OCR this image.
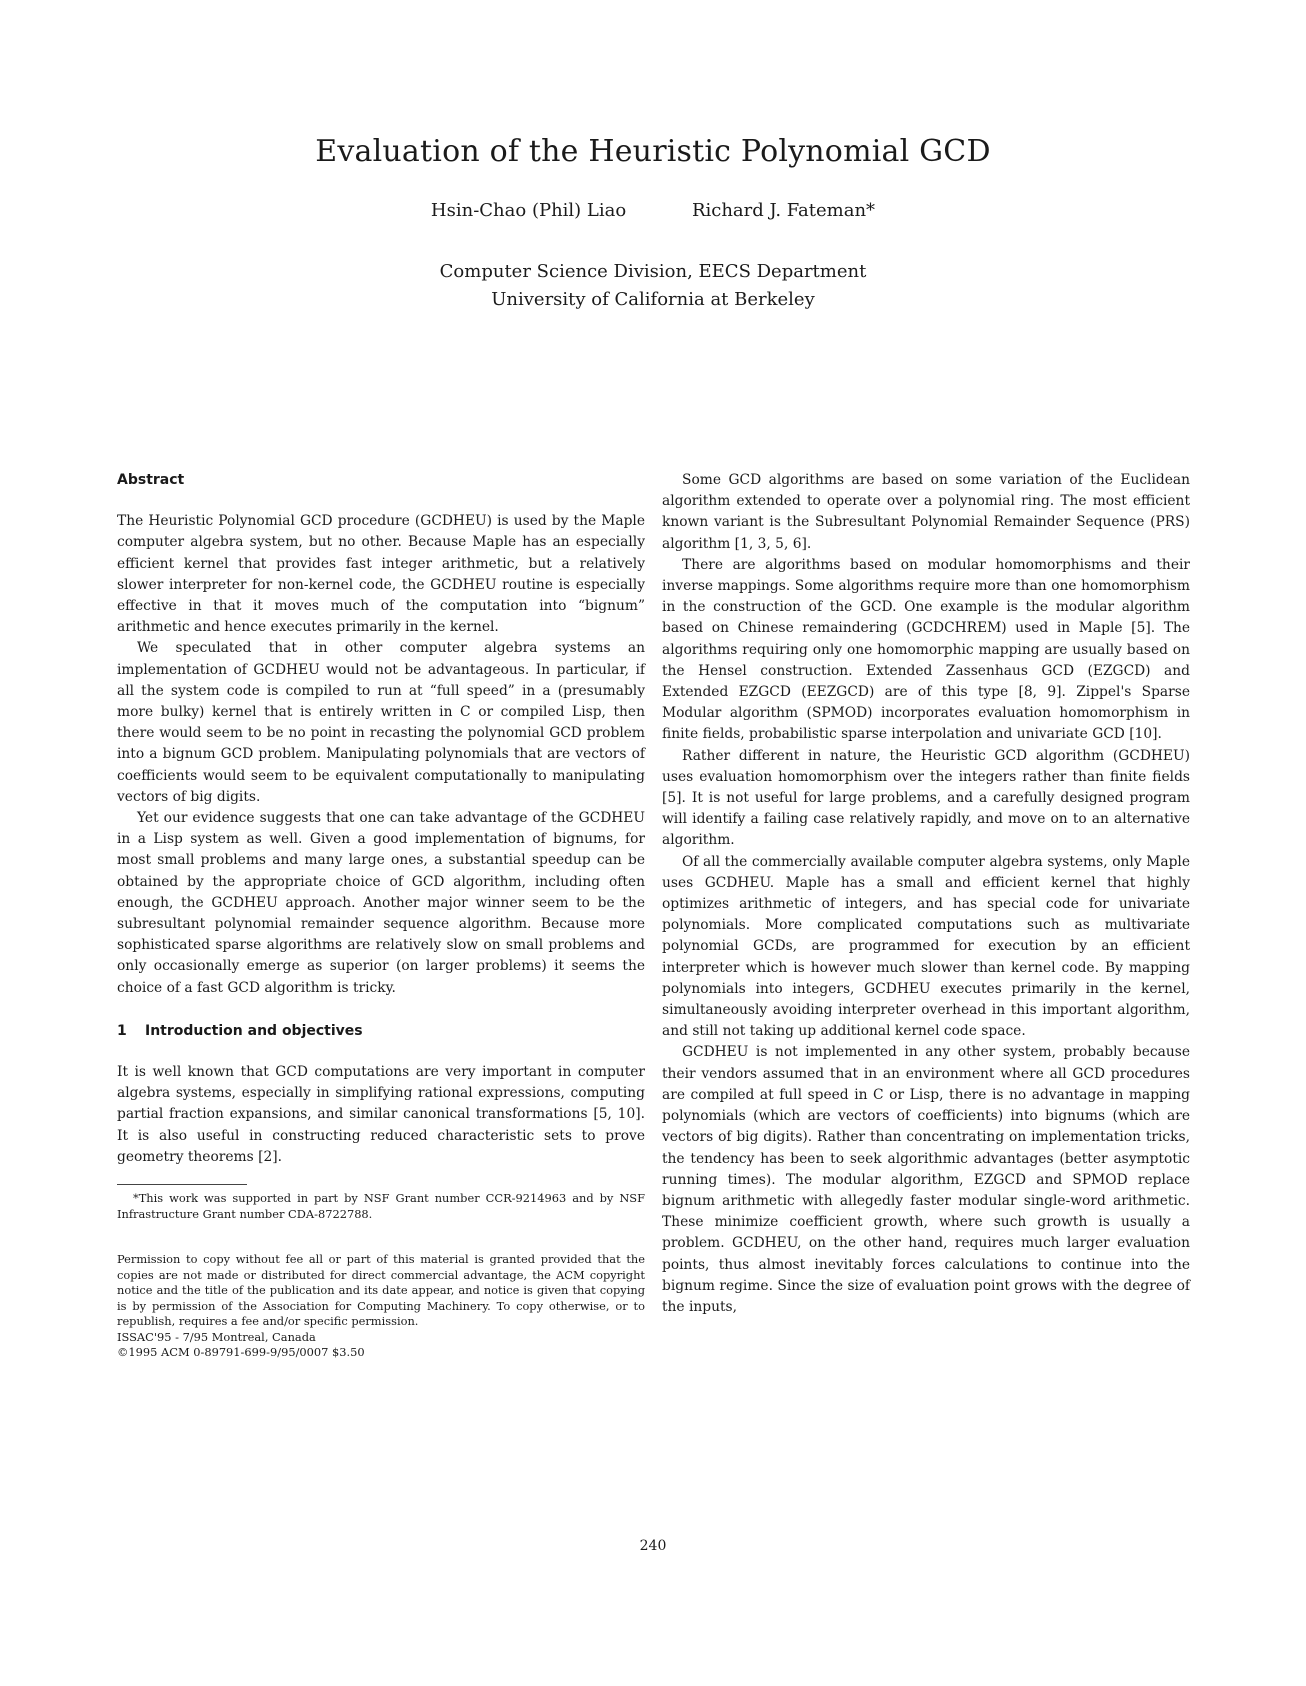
Evaluation of the Heuristic Polynomial GCD
Hsin-Chao (Phil) Liao	Richard J. Fateman*
Computer Science Division, EECS Department
University of California at Berkeley
Abstract

The Heuristic Polynomial GCD procedure (GCDHEU) is used by the Maple computer algebra system, but no other. Because Maple has an especially efficient kernel that provides fast integer arithmetic, but a relatively slower interpreter for non-kernel code, the GCDHEU routine is especially effective in that it moves much of the computation into “bignum” arithmetic and hence executes primarily in the kernel.

We speculated that in other computer algebra systems an implementation of GCDHEU would not be advantageous. In particular, if all the system code is compiled to run at “full speed” in a (presumably more bulky) kernel that is entirely written in C or compiled Lisp, then there would seem to be no point in recasting the polynomial GCD problem into a bignum GCD problem. Manipulating polynomials that are vectors of coefficients would seem to be equivalent computationally to manipulating vectors of big digits.

Yet our evidence suggests that one can take advantage of the GCDHEU in a Lisp system as well. Given a good implementation of bignums, for most small problems and many large ones, a substantial speedup can be obtained by the appropriate choice of GCD algorithm, including often enough, the GCDHEU approach. Another major winner seem to be the subresultant polynomial remainder sequence algorithm. Because more sophisticated sparse algorithms are relatively slow on small problems and only occasionally emerge as superior (on larger problems) it seems the choice of a fast GCD algorithm is tricky.

1 Introduction and objectives

It is well known that GCD computations are very important in computer algebra systems, especially in simplifying rational expressions, computing partial fraction expansions, and similar canonical transformations [5, 10]. It is also useful in constructing reduced characteristic sets to prove geometry theorems [2].

*This work was supported in part by NSF Grant number CCR-9214963 and by NSF Infrastructure Grant number CDA-8722788.
Permission to copy without fee all or part of this material is granted provided that the copies are not made or distributed for direct commercial advantage, the ACM copyright notice and the title of the publication and its date appear, and notice is given that copying is by permission of the Association for Computing Machinery. To copy otherwise, or to republish, requires a fee and/or specific permission.
ISSAC'95 - 7/95 Montreal, Canada
©1995 ACM 0-89791-699-9/95/0007 $3.50

Some GCD algorithms are based on some variation of the Euclidean algorithm extended to operate over a polynomial ring. The most efficient known variant is the Subresultant Polynomial Remainder Sequence (PRS) algorithm [1, 3, 5, 6].

There are algorithms based on modular homomorphisms and their inverse mappings. Some algorithms require more than one homomorphism in the construction of the GCD. One example is the modular algorithm based on Chinese remaindering (GCDCHREM) used in Maple [5]. The algorithms requiring only one homomorphic mapping are usually based on the Hensel construction. Extended Zassenhaus GCD (EZGCD) and Extended EZGCD (EEZGCD) are of this type [8, 9]. Zippel's Sparse Modular algorithm (SPMOD) incorporates evaluation homomorphism in finite fields, probabilistic sparse interpolation and univariate GCD [10].

Rather different in nature, the Heuristic GCD algorithm (GCDHEU) uses evaluation homomorphism over the integers rather than finite fields [5]. It is not useful for large problems, and a carefully designed program will identify a failing case relatively rapidly, and move on to an alternative algorithm.

Of all the commercially available computer algebra systems, only Maple uses GCDHEU. Maple has a small and efficient kernel that highly optimizes arithmetic of integers, and has special code for univariate polynomials. More complicated computations such as multivariate polynomial GCDs, are programmed for execution by an efficient interpreter which is however much slower than kernel code. By mapping polynomials into integers, GCDHEU executes primarily in the kernel, simultaneously avoiding interpreter overhead in this important algorithm, and still not taking up additional kernel code space.

GCDHEU is not implemented in any other system, probably because their vendors assumed that in an environment where all GCD procedures are compiled at full speed in C or Lisp, there is no advantage in mapping polynomials (which are vectors of coefficients) into bignums (which are vectors of big digits). Rather than concentrating on implementation tricks, the tendency has been to seek algorithmic advantages (better asymptotic running times). The modular algorithm, EZGCD and SPMOD replace bignum arithmetic with allegedly faster modular single-word arithmetic. These minimize coefficient growth, where such growth is usually a problem. GCDHEU, on the other hand, requires much larger evaluation points, thus almost inevitably forces calculations to continue into the bignum regime. Since the size of evaluation point grows with the degree of the inputs,

240
